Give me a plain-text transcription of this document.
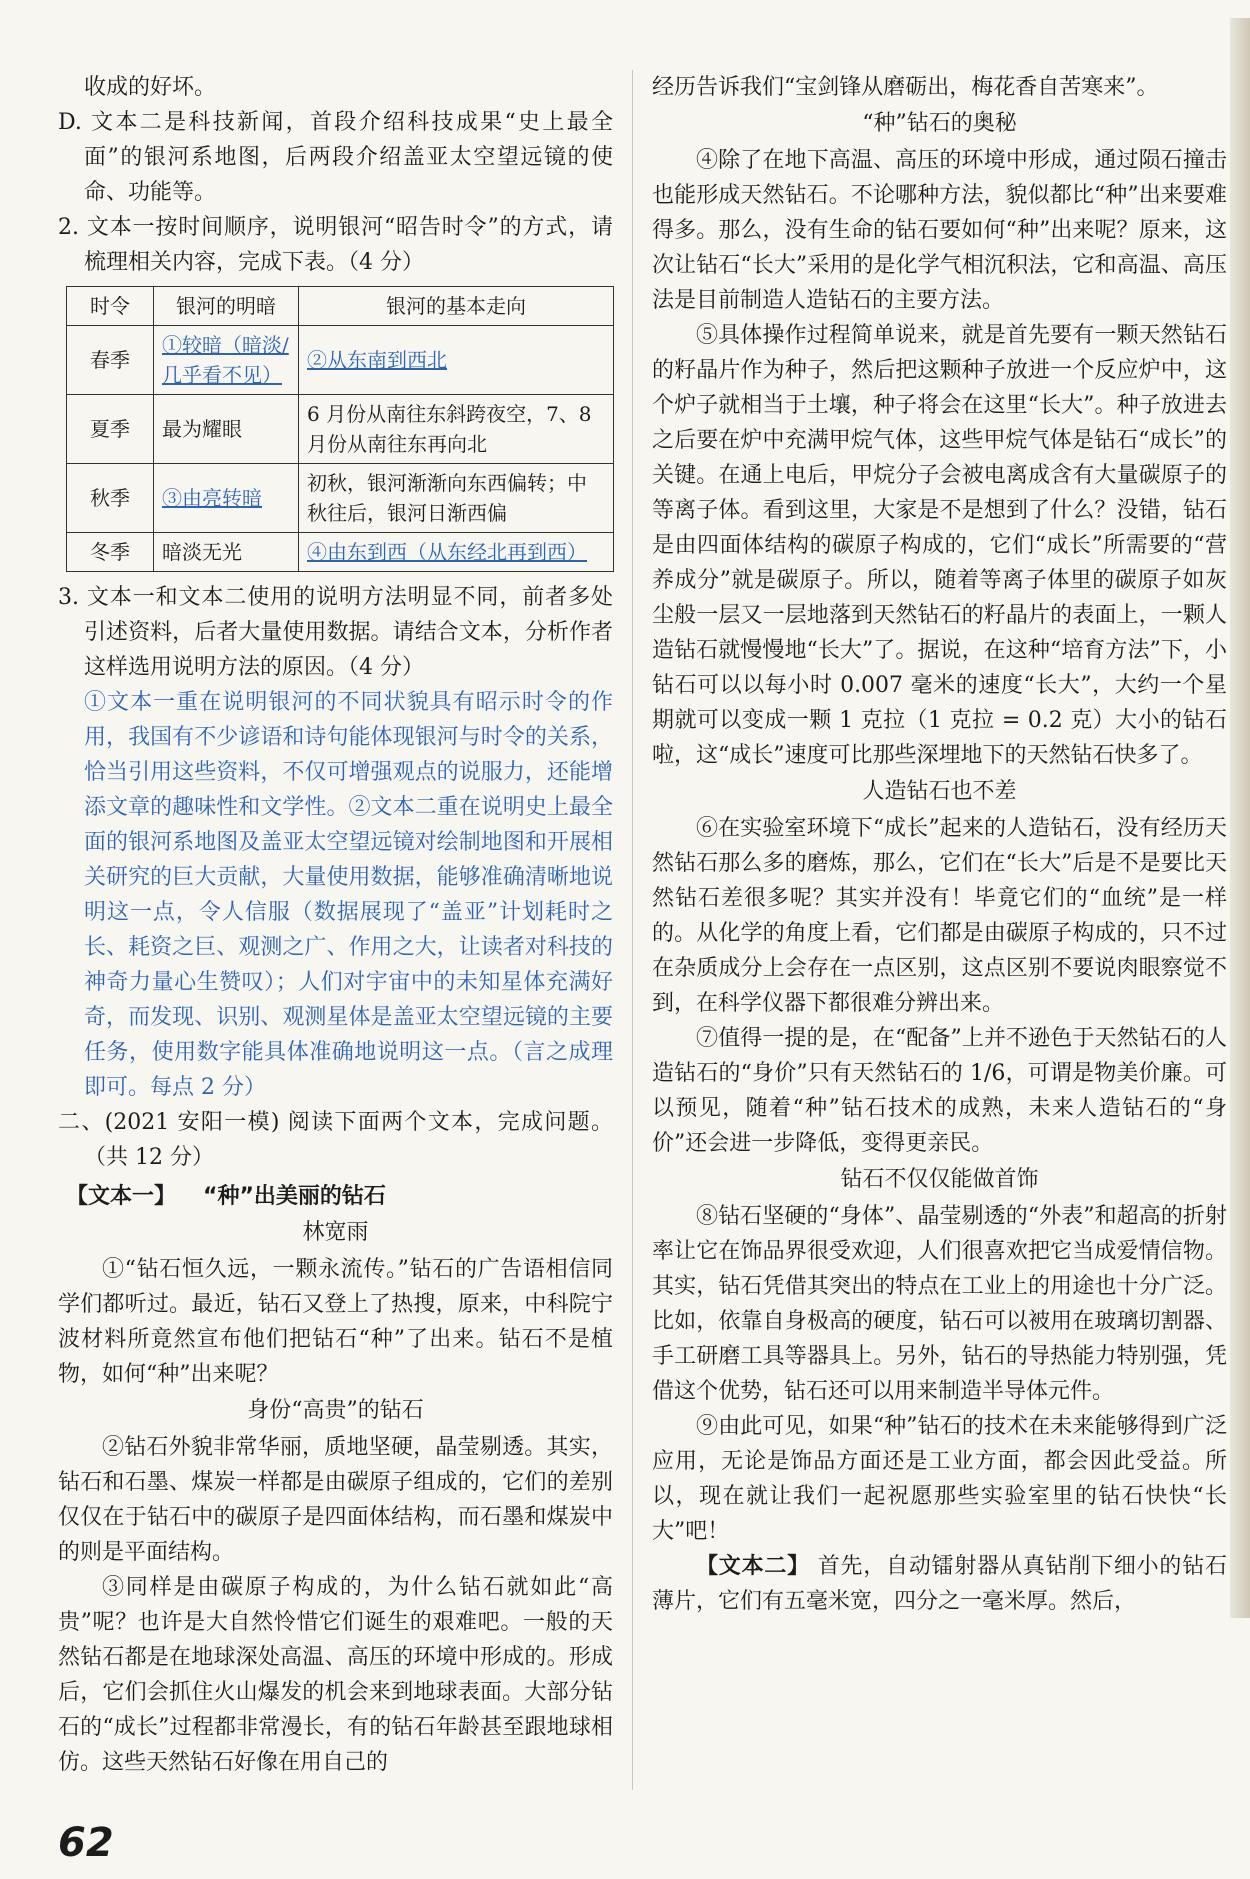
收成的好坏。

D. 文本二是科技新闻，首段介绍科技成果“史上最全面”的银河系地图，后两段介绍盖亚太空望远镜的使命、功能等。

2. 文本一按时间顺序，说明银河“昭告时令”的方式，请梳理相关内容，完成下表。（4 分）

时令	银河的明暗	银河的基本走向
春季	①较暗（暗淡/几乎看不见）	②从东南到西北
夏季	最为耀眼	6 月份从南往东斜跨夜空，7、8 月份从南往东再向北
秋季	③由亮转暗	初秋，银河渐渐向东西偏转；中秋往后，银河日渐西偏
冬季	暗淡无光	④由东到西（从东经北再到西）

3. 文本一和文本二使用的说明方法明显不同，前者多处引述资料，后者大量使用数据。请结合文本，分析作者这样选用说明方法的原因。（4 分）

①文本一重在说明银河的不同状貌具有昭示时令的作用，我国有不少谚语和诗句能体现银河与时令的关系，恰当引用这些资料，不仅可增强观点的说服力，还能增添文章的趣味性和文学性。②文本二重在说明史上最全面的银河系地图及盖亚太空望远镜对绘制地图和开展相关研究的巨大贡献，大量使用数据，能够准确清晰地说明这一点，令人信服（数据展现了“盖亚”计划耗时之长、耗资之巨、观测之广、作用之大，让读者对科技的神奇力量心生赞叹）；人们对宇宙中的未知星体充满好奇，而发现、识别、观测星体是盖亚太空望远镜的主要任务，使用数字能具体准确地说明这一点。（言之成理即可。每点 2 分）

二、(2021 安阳一模) 阅读下面两个文本，完成问题。（共 12 分）

【文本一】 “种”出美丽的钻石

林宽雨

①“钻石恒久远，一颗永流传。”钻石的广告语相信同学们都听过。最近，钻石又登上了热搜，原来，中科院宁波材料所竟然宣布他们把钻石“种”了出来。钻石不是植物，如何“种”出来呢？

身份“高贵”的钻石

②钻石外貌非常华丽，质地坚硬，晶莹剔透。其实，钻石和石墨、煤炭一样都是由碳原子组成的，它们的差别仅仅在于钻石中的碳原子是四面体结构，而石墨和煤炭中的则是平面结构。

③同样是由碳原子构成的，为什么钻石就如此“高贵”呢？也许是大自然怜惜它们诞生的艰难吧。一般的天然钻石都是在地球深处高温、高压的环境中形成的。形成后，它们会抓住火山爆发的机会来到地球表面。大部分钻石的“成长”过程都非常漫长，有的钻石年龄甚至跟地球相仿。这些天然钻石好像在用自己的

经历告诉我们“宝剑锋从磨砺出，梅花香自苦寒来”。

“种”钻石的奥秘

④除了在地下高温、高压的环境中形成，通过陨石撞击也能形成天然钻石。不论哪种方法，貌似都比“种”出来要难得多。那么，没有生命的钻石要如何“种”出来呢？原来，这次让钻石“长大”采用的是化学气相沉积法，它和高温、高压法是目前制造人造钻石的主要方法。

⑤具体操作过程简单说来，就是首先要有一颗天然钻石的籽晶片作为种子，然后把这颗种子放进一个反应炉中，这个炉子就相当于土壤，种子将会在这里“长大”。种子放进去之后要在炉中充满甲烷气体，这些甲烷气体是钻石“成长”的关键。在通上电后，甲烷分子会被电离成含有大量碳原子的等离子体。看到这里，大家是不是想到了什么？没错，钻石是由四面体结构的碳原子构成的，它们“成长”所需要的“营养成分”就是碳原子。所以，随着等离子体里的碳原子如灰尘般一层又一层地落到天然钻石的籽晶片的表面上，一颗人造钻石就慢慢地“长大”了。据说，在这种“培育方法”下，小钻石可以以每小时 0.007 毫米的速度“长大”，大约一个星期就可以变成一颗 1 克拉（1 克拉 = 0.2 克）大小的钻石啦，这“成长”速度可比那些深埋地下的天然钻石快多了。

人造钻石也不差

⑥在实验室环境下“成长”起来的人造钻石，没有经历天然钻石那么多的磨炼，那么，它们在“长大”后是不是要比天然钻石差很多呢？其实并没有！毕竟它们的“血统”是一样的。从化学的角度上看，它们都是由碳原子构成的，只不过在杂质成分上会存在一点区别，这点区别不要说肉眼察觉不到，在科学仪器下都很难分辨出来。

⑦值得一提的是，在“配备”上并不逊色于天然钻石的人造钻石的“身价”只有天然钻石的 1/6，可谓是物美价廉。可以预见，随着“种”钻石技术的成熟，未来人造钻石的“身价”还会进一步降低，变得更亲民。

钻石不仅仅能做首饰

⑧钻石坚硬的“身体”、晶莹剔透的“外表”和超高的折射率让它在饰品界很受欢迎，人们很喜欢把它当成爱情信物。其实，钻石凭借其突出的特点在工业上的用途也十分广泛。比如，依靠自身极高的硬度，钻石可以被用在玻璃切割器、手工研磨工具等器具上。另外，钻石的导热能力特别强，凭借这个优势，钻石还可以用来制造半导体元件。

⑨由此可见，如果“种”钻石的技术在未来能够得到广泛应用，无论是饰品方面还是工业方面，都会因此受益。所以，现在就让我们一起祝愿那些实验室里的钻石快快“长大”吧！

【文本二】 首先，自动镭射器从真钻削下细小的钻石薄片，它们有五毫米宽，四分之一毫米厚。然后，

62
